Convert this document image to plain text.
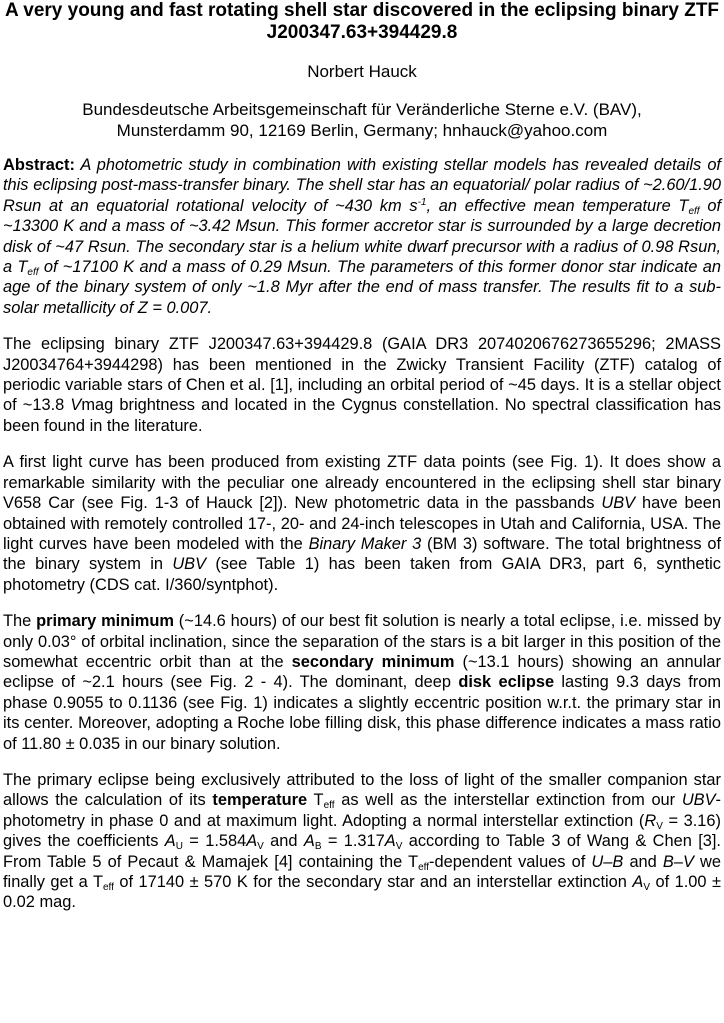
A very young and fast rotating shell star discovered in the eclipsing binary ZTF J200347.63+394429.8
Norbert Hauck
Bundesdeutsche Arbeitsgemeinschaft für Veränderliche Sterne e.V. (BAV),
Munsterdamm 90, 12169 Berlin, Germany; hnhauck@yahoo.com

Abstract: A photometric study in combination with existing stellar models has revealed details of this eclipsing post-mass-transfer binary. The shell star has an equatorial/ polar radius of ~2.60/1.90 Rsun at an equatorial rotational velocity of ~430 km $s^{-1}$, an effective mean temperature $T_{eff}$ of ~13300 K and a mass of ~3.42 Msun. This former accretor star is surrounded by a large decretion disk of ~47 Rsun. The secondary star is a helium white dwarf precursor with a radius of 0.98 Rsun, a $T_{eff}$ of ~17100 K and a mass of 0.29 Msun. The parameters of this former donor star indicate an age of the binary system of only ~1.8 Myr after the end of mass transfer. The results fit to a sub-solar metallicity of Z = 0.007.

The eclipsing binary ZTF J200347.63+394429.8 (GAIA DR3 2074020676273655296; 2MASS J20034764+3944298) has been mentioned in the Zwicky Transient Facility (ZTF) catalog of periodic variable stars of Chen et al. [1], including an orbital period of ~45 days. It is a stellar object of ~13.8 Vmag brightness and located in the Cygnus constellation. No spectral classification has been found in the literature.

A first light curve has been produced from existing ZTF data points (see Fig. 1). It does show a remarkable similarity with the peculiar one already encountered in the eclipsing shell star binary V658 Car (see Fig. 1-3 of Hauck [2]). New photometric data in the passbands UBV have been obtained with remotely controlled 17-, 20- and 24-inch telescopes in Utah and California, USA. The light curves have been modeled with the Binary Maker 3 (BM 3) software. The total brightness of the binary system in UBV (see Table 1) has been taken from GAIA DR3, part 6, synthetic photometry (CDS cat. I/360/syntphot).

The primary minimum (~14.6 hours) of our best fit solution is nearly a total eclipse, i.e. missed by only 0.03° of orbital inclination, since the separation of the stars is a bit larger in this position of the somewhat eccentric orbit than at the secondary minimum (~13.1 hours) showing an annular eclipse of ~2.1 hours (see Fig. 2 - 4). The dominant, deep disk eclipse lasting 9.3 days from phase 0.9055 to 0.1136 (see Fig. 1) indicates a slightly eccentric position w.r.t. the primary star in its center. Moreover, adopting a Roche lobe filling disk, this phase difference indicates a mass ratio of 11.80 ± 0.035 in our binary solution.

The primary eclipse being exclusively attributed to the loss of light of the smaller companion star allows the calculation of its temperature $T_{eff}$ as well as the interstellar extinction from our UBV-photometry in phase 0 and at maximum light. Adopting a normal interstellar extinction $(R_V = 3.16)$ gives the coefficients $A_U = 1.584A_V$ and $A_B = 1.317A_V$ according to Table 3 of Wang & Chen [3]. From Table 5 of Pecaut & Mamajek [4] containing the $T_{eff}$-dependent values of U–B and B–V we finally get a $T_{eff}$ of 17140 ± 570 K for the secondary star and an interstellar extinction $A_V$ of 1.00 ± 0.02 mag.
